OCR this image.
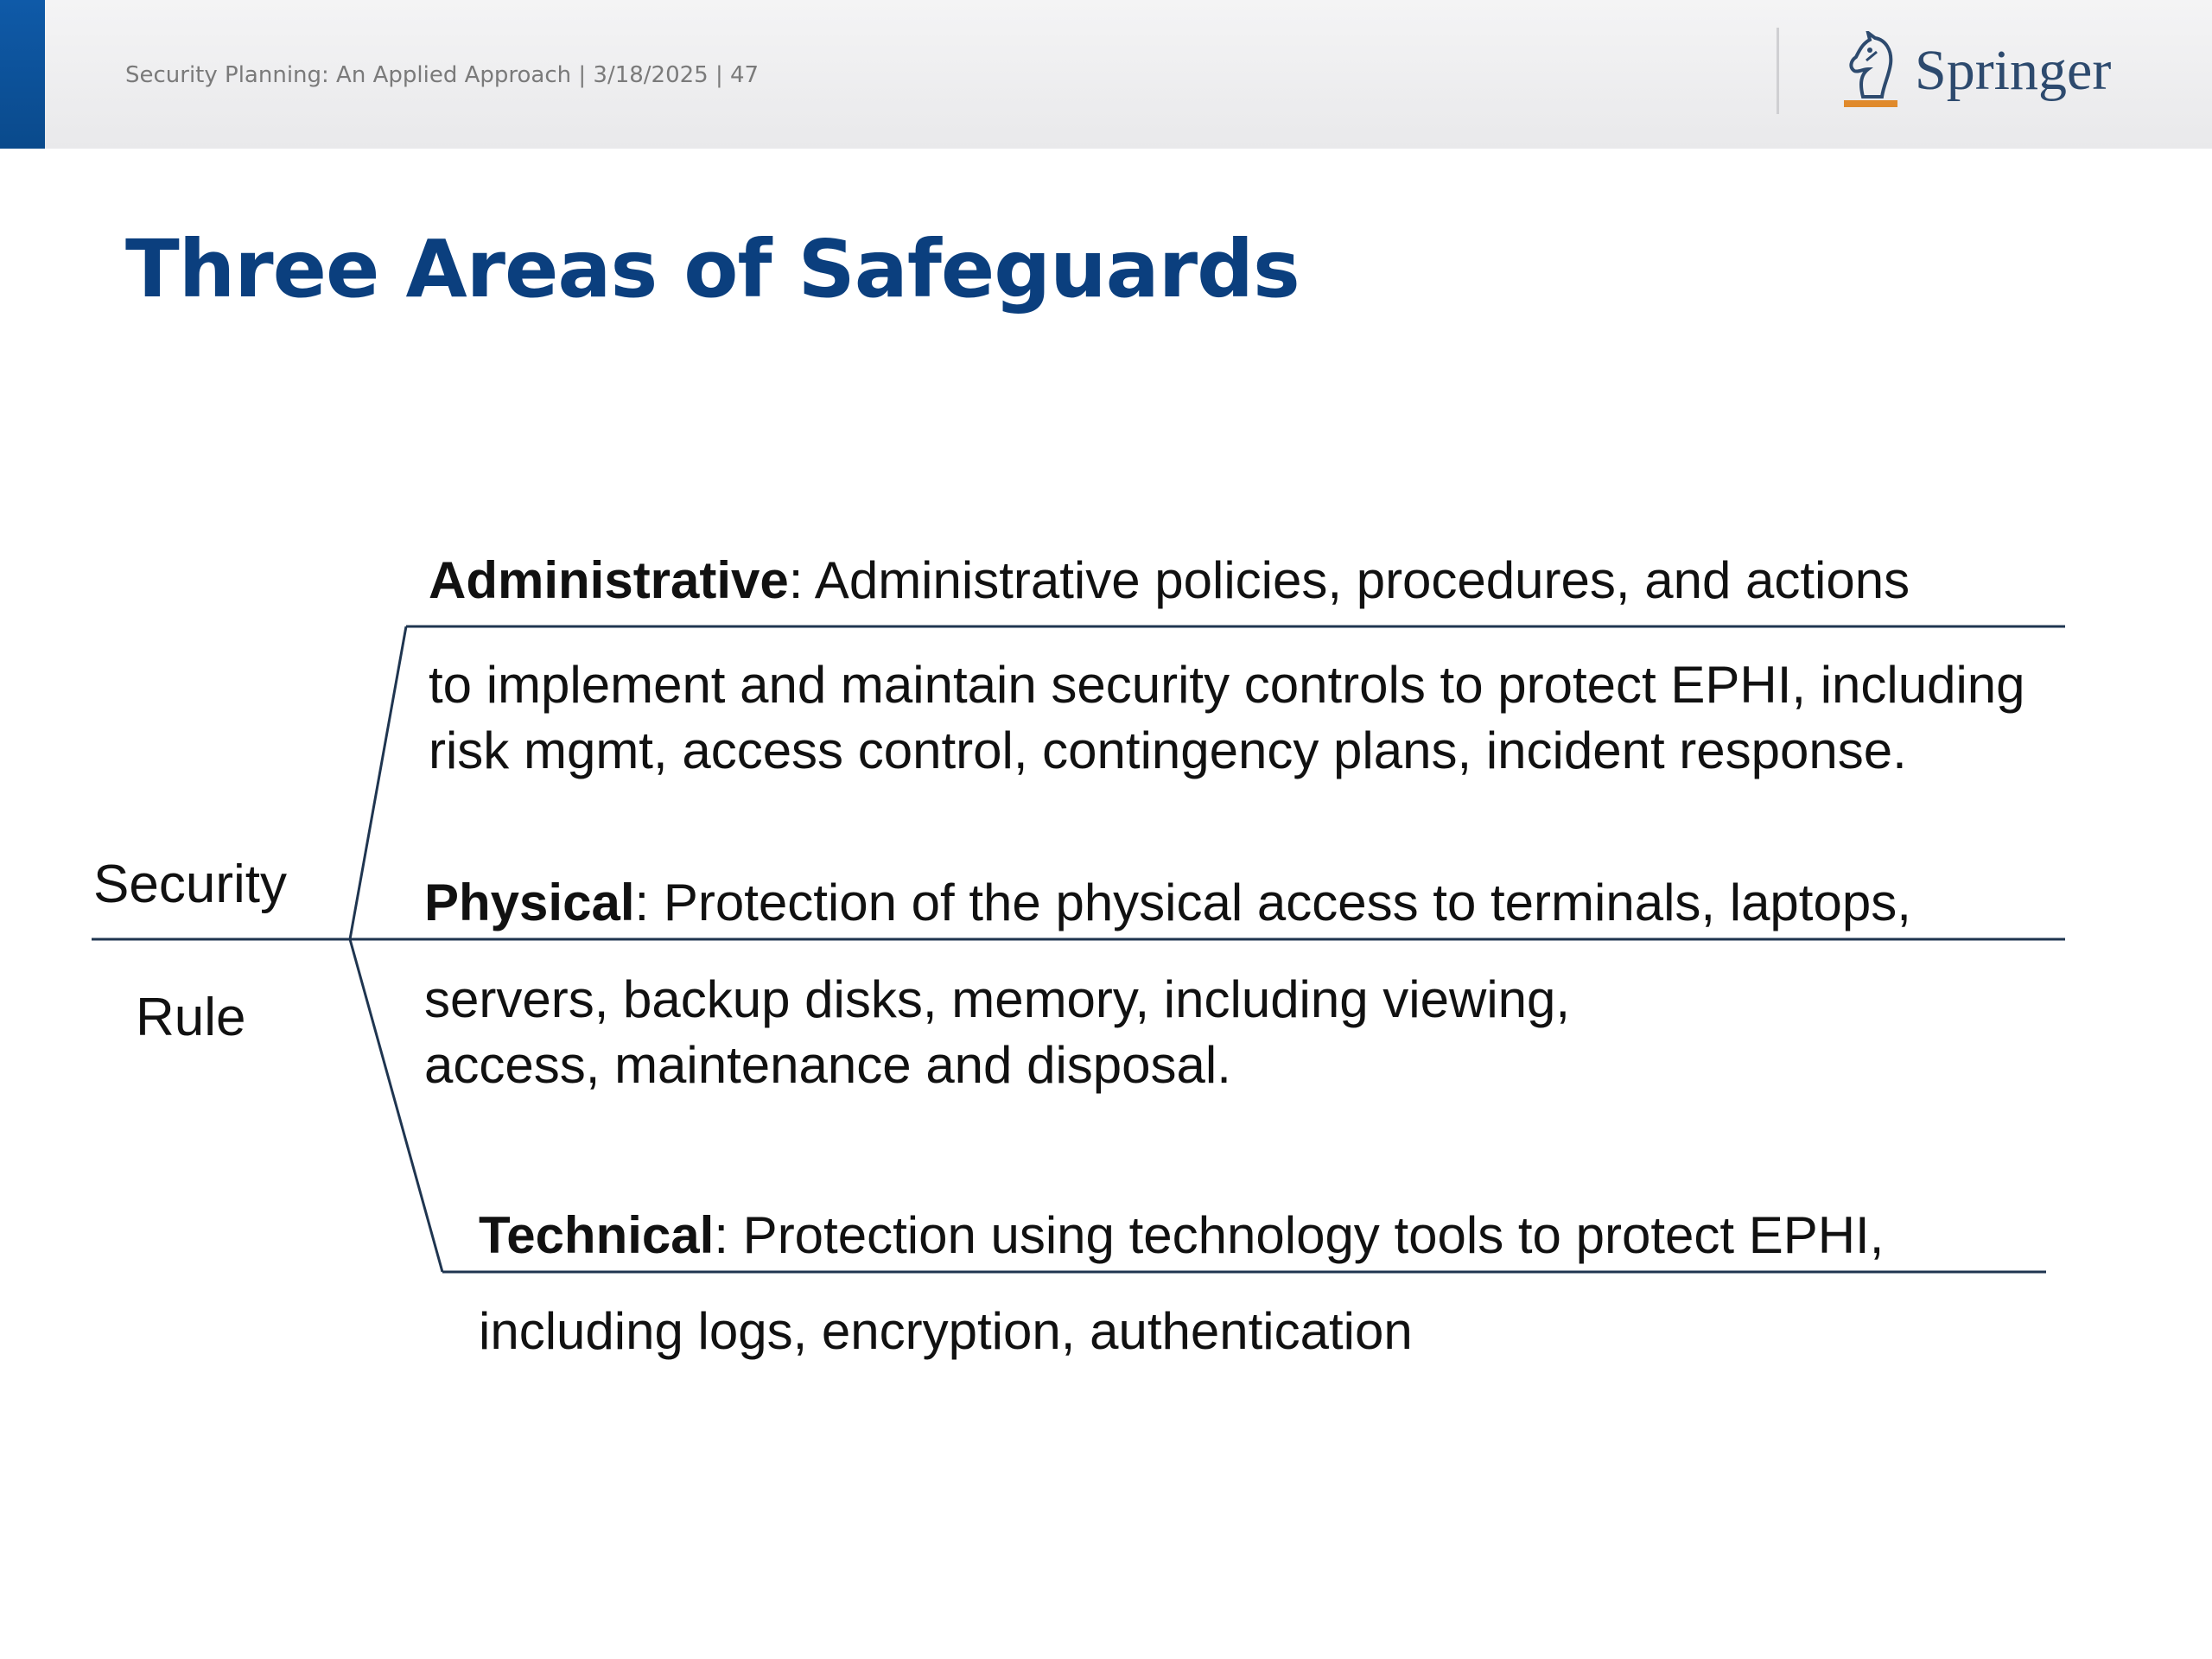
Security Planning: An Applied Approach | 3/18/2025 | 47	Springer
Three Areas of Safeguards
Security
Rule
Administrative: Administrative policies, procedures, and actions
to implement and maintain security controls to protect EPHI, including
risk mgmt, access control, contingency plans, incident response.
Physical: Protection of the physical access to terminals, laptops,
servers, backup disks, memory, including viewing,
access, maintenance and disposal.
Technical: Protection using technology tools to protect EPHI,
including logs, encryption, authentication
